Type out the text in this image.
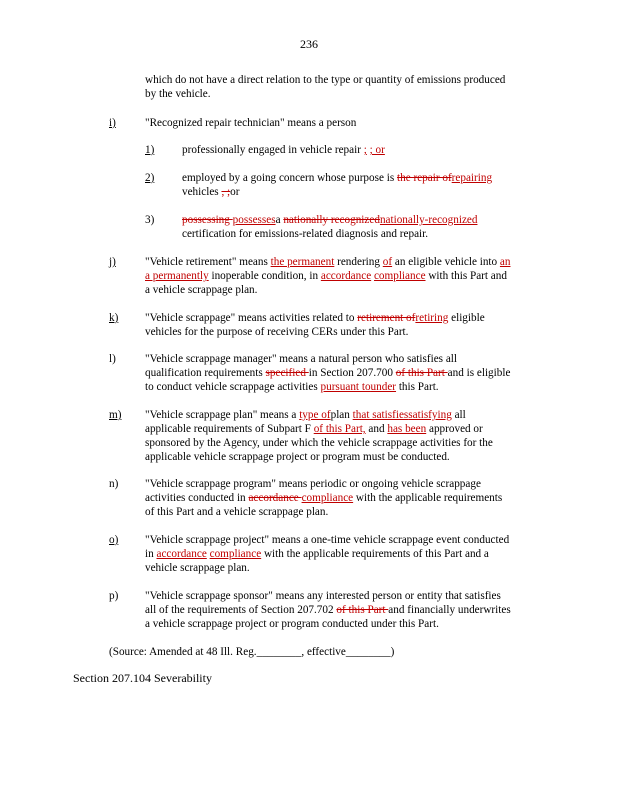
236
which do not have a direct relation to the type or quantity of emissions produced
by the vehicle.
i)	"Recognized repair technician" means a person
1) professionally engaged in vehicle repair ; ; or
2) employed by a going concern whose purpose is the repair ofrepairing
vehicles , ;or
3) possessing possessesa nationally recognizednationally-recognized
certification for emissions-related diagnosis and repair.
j)	"Vehicle retirement" means the permanent rendering of an eligible vehicle into an
a permanently inoperable condition, in accordance compliance with this Part and
a vehicle scrappage plan.
k) "Vehicle scrappage" means activities related to retirement ofretiring eligible
vehicles for the purpose of receiving CERs under this Part.
l)	"Vehicle scrappage manager" means a natural person who satisfies all
qualification requirements specified in Section 207.700 of this Part and is eligible
to conduct vehicle scrappage activities pursuant tounder this Part.
m) "Vehicle scrappage plan" means a type ofplan that satisfiessatisfying all
applicable requirements of Subpart F of this Part, and has been approved or
sponsored by the Agency, under which the vehicle scrappage activities for the
applicable vehicle scrappage project or program must be conducted.
n) "Vehicle scrappage program" means periodic or ongoing vehicle scrappage
activities conducted in accordance compliance with the applicable requirements
of this Part and a vehicle scrappage plan.
o) "Vehicle scrappage project" means a one-time vehicle scrappage event conducted
in accordance compliance with the applicable requirements of this Part and a
vehicle scrappage plan.
p) "Vehicle scrappage sponsor" means any interested person or entity that satisfies
all of the requirements of Section 207.702 of this Part and financially underwrites
a vehicle scrappage project or program conducted under this Part.
(Source: Amended at 48 Ill. Reg.________, effective________)
Section 207.104 Severability
